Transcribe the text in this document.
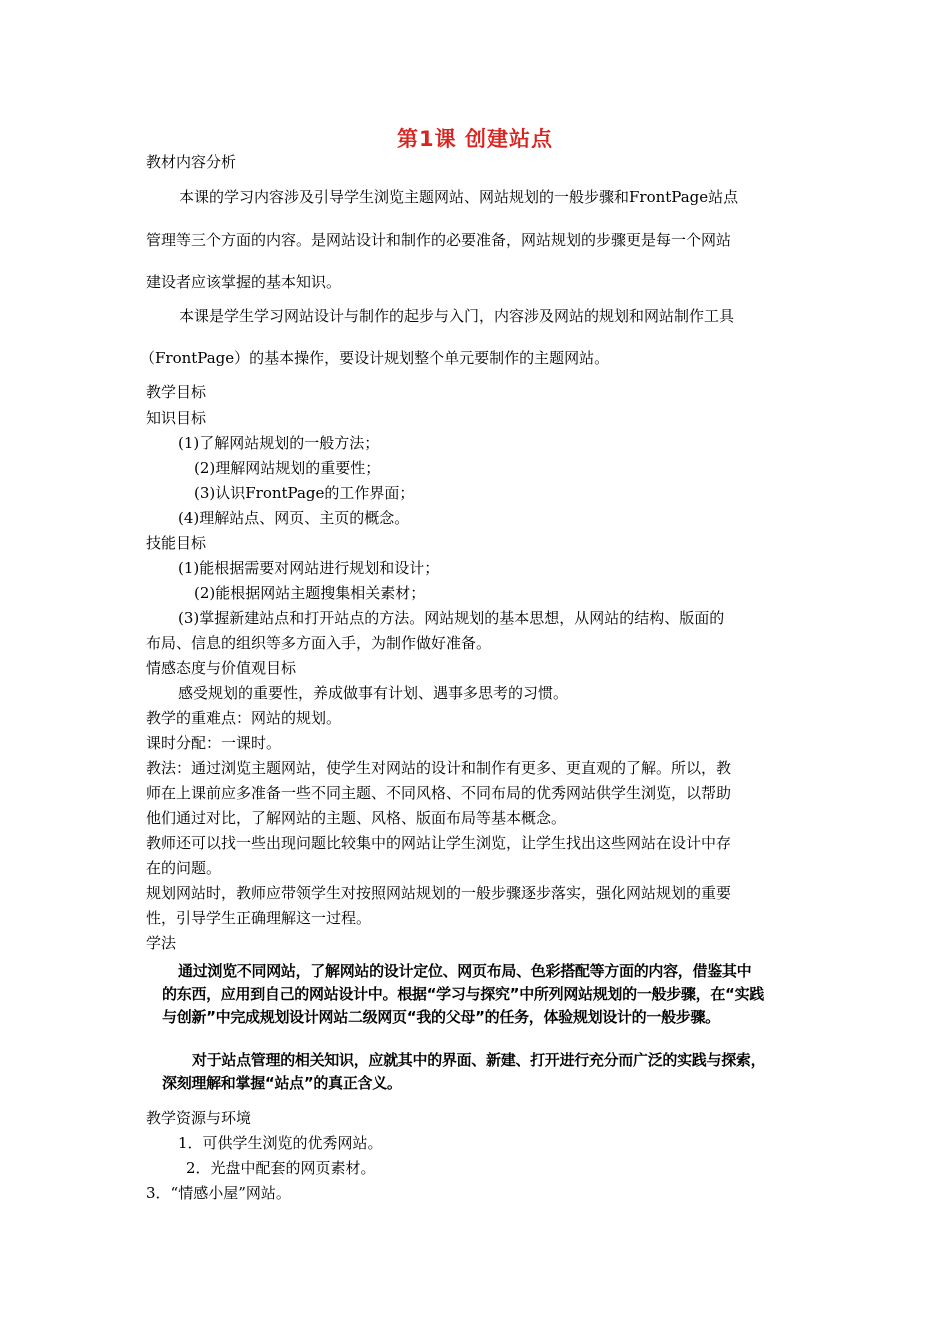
第1课 创建站点
教材内容分析
本课的学习内容涉及引导学生浏览主题网站、网站规划的一般步骤和FrontPage站点
管理等三个方面的内容。是网站设计和制作的必要准备，网站规划的步骤更是每一个网站
建设者应该掌握的基本知识。
本课是学生学习网站设计与制作的起步与入门，内容涉及网站的规划和网站制作工具
（FrontPage）的基本操作，要设计规划整个单元要制作的主题网站。
教学目标
知识目标
(1)了解网站规划的一般方法；
(2)理解网站规划的重要性；
(3)认识FrontPage的工作界面；
(4)理解站点、网页、主页的概念。
技能目标
(1)能根据需要对网站进行规划和设计；
(2)能根据网站主题搜集相关素材；
(3)掌握新建站点和打开站点的方法。网站规划的基本思想，从网站的结构、版面的
布局、信息的组织等多方面入手，为制作做好准备。
情感态度与价值观目标
感受规划的重要性，养成做事有计划、遇事多思考的习惯。
教学的重难点：网站的规划。
课时分配：一课时。
教法：通过浏览主题网站，使学生对网站的设计和制作有更多、更直观的了解。所以，教
师在上课前应多准备一些不同主题、不同风格、不同布局的优秀网站供学生浏览，以帮助
他们通过对比，了解网站的主题、风格、版面布局等基本概念。
教师还可以找一些出现问题比较集中的网站让学生浏览，让学生找出这些网站在设计中存
在的问题。
规划网站时，教师应带领学生对按照网站规划的一般步骤逐步落实，强化网站规划的重要
性，引导学生正确理解这一过程。
学法
通过浏览不同网站，了解网站的设计定位、网页布局、色彩搭配等方面的内容，借鉴其中
的东西，应用到自己的网站设计中。根据“学习与探究”中所列网站规划的一般步骤，在“实践
与创新”中完成规划设计网站二级网页“我的父母”的任务，体验规划设计的一般步骤。
对于站点管理的相关知识，应就其中的界面、新建、打开进行充分而广泛的实践与探索，
深刻理解和掌握“站点”的真正含义。
教学资源与环境
1．可供学生浏览的优秀网站。
2．光盘中配套的网页素材。
3．“情感小屋”网站。
